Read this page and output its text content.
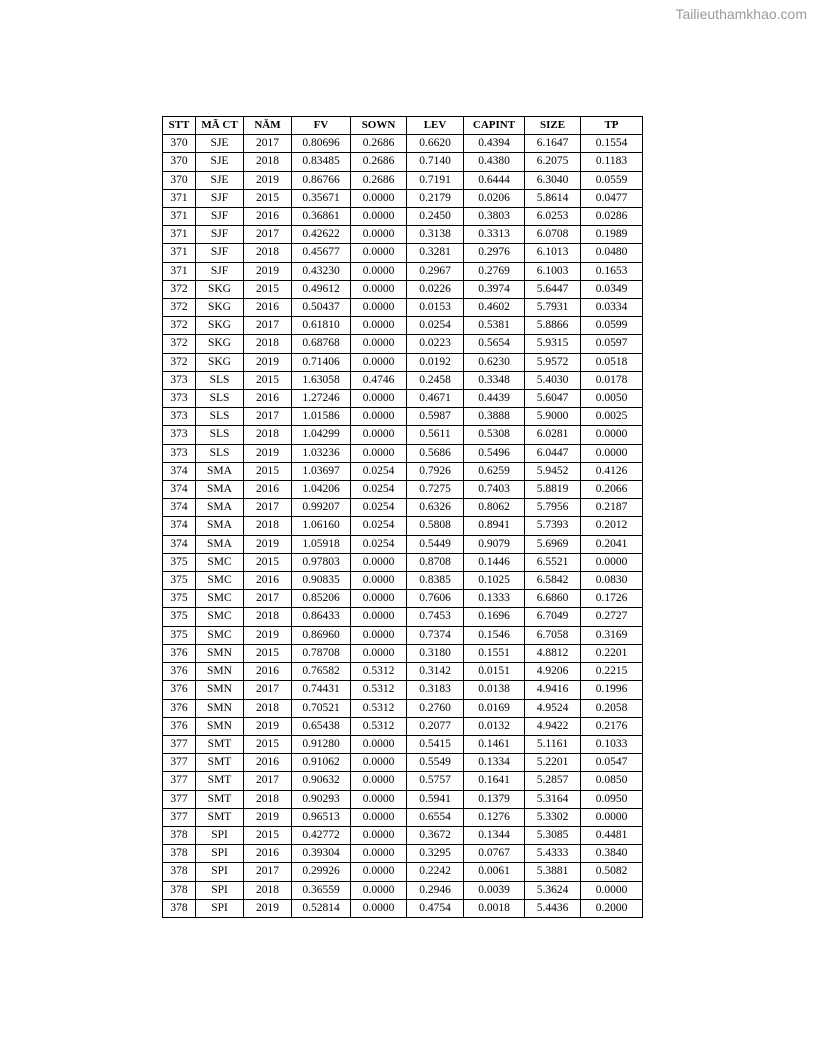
Tailieuthamkhao.com
STT	MÃ CT	NĂM	FV	SOWN	LEV	CAPINT	SIZE	TP
370	SJE	2017	0.80696	0.2686	0.6620	0.4394	6.1647	0.1554
370	SJE	2018	0.83485	0.2686	0.7140	0.4380	6.2075	0.1183
370	SJE	2019	0.86766	0.2686	0.7191	0.6444	6.3040	0.0559
371	SJF	2015	0.35671	0.0000	0.2179	0.0206	5.8614	0.0477
371	SJF	2016	0.36861	0.0000	0.2450	0.3803	6.0253	0.0286
371	SJF	2017	0.42622	0.0000	0.3138	0.3313	6.0708	0.1989
371	SJF	2018	0.45677	0.0000	0.3281	0.2976	6.1013	0.0480
371	SJF	2019	0.43230	0.0000	0.2967	0.2769	6.1003	0.1653
372	SKG	2015	0.49612	0.0000	0.0226	0.3974	5.6447	0.0349
372	SKG	2016	0.50437	0.0000	0.0153	0.4602	5.7931	0.0334
372	SKG	2017	0.61810	0.0000	0.0254	0.5381	5.8866	0.0599
372	SKG	2018	0.68768	0.0000	0.0223	0.5654	5.9315	0.0597
372	SKG	2019	0.71406	0.0000	0.0192	0.6230	5.9572	0.0518
373	SLS	2015	1.63058	0.4746	0.2458	0.3348	5.4030	0.0178
373	SLS	2016	1.27246	0.0000	0.4671	0.4439	5.6047	0.0050
373	SLS	2017	1.01586	0.0000	0.5987	0.3888	5.9000	0.0025
373	SLS	2018	1.04299	0.0000	0.5611	0.5308	6.0281	0.0000
373	SLS	2019	1.03236	0.0000	0.5686	0.5496	6.0447	0.0000
374	SMA	2015	1.03697	0.0254	0.7926	0.6259	5.9452	0.4126
374	SMA	2016	1.04206	0.0254	0.7275	0.7403	5.8819	0.2066
374	SMA	2017	0.99207	0.0254	0.6326	0.8062	5.7956	0.2187
374	SMA	2018	1.06160	0.0254	0.5808	0.8941	5.7393	0.2012
374	SMA	2019	1.05918	0.0254	0.5449	0.9079	5.6969	0.2041
375	SMC	2015	0.97803	0.0000	0.8708	0.1446	6.5521	0.0000
375	SMC	2016	0.90835	0.0000	0.8385	0.1025	6.5842	0.0830
375	SMC	2017	0.85206	0.0000	0.7606	0.1333	6.6860	0.1726
375	SMC	2018	0.86433	0.0000	0.7453	0.1696	6.7049	0.2727
375	SMC	2019	0.86960	0.0000	0.7374	0.1546	6.7058	0.3169
376	SMN	2015	0.78708	0.0000	0.3180	0.1551	4.8812	0.2201
376	SMN	2016	0.76582	0.5312	0.3142	0.0151	4.9206	0.2215
376	SMN	2017	0.74431	0.5312	0.3183	0.0138	4.9416	0.1996
376	SMN	2018	0.70521	0.5312	0.2760	0.0169	4.9524	0.2058
376	SMN	2019	0.65438	0.5312	0.2077	0.0132	4.9422	0.2176
377	SMT	2015	0.91280	0.0000	0.5415	0.1461	5.1161	0.1033
377	SMT	2016	0.91062	0.0000	0.5549	0.1334	5.2201	0.0547
377	SMT	2017	0.90632	0.0000	0.5757	0.1641	5.2857	0.0850
377	SMT	2018	0.90293	0.0000	0.5941	0.1379	5.3164	0.0950
377	SMT	2019	0.96513	0.0000	0.6554	0.1276	5.3302	0.0000
378	SPI	2015	0.42772	0.0000	0.3672	0.1344	5.3085	0.4481
378	SPI	2016	0.39304	0.0000	0.3295	0.0767	5.4333	0.3840
378	SPI	2017	0.29926	0.0000	0.2242	0.0061	5.3881	0.5082
378	SPI	2018	0.36559	0.0000	0.2946	0.0039	5.3624	0.0000
378	SPI	2019	0.52814	0.0000	0.4754	0.0018	5.4436	0.2000
